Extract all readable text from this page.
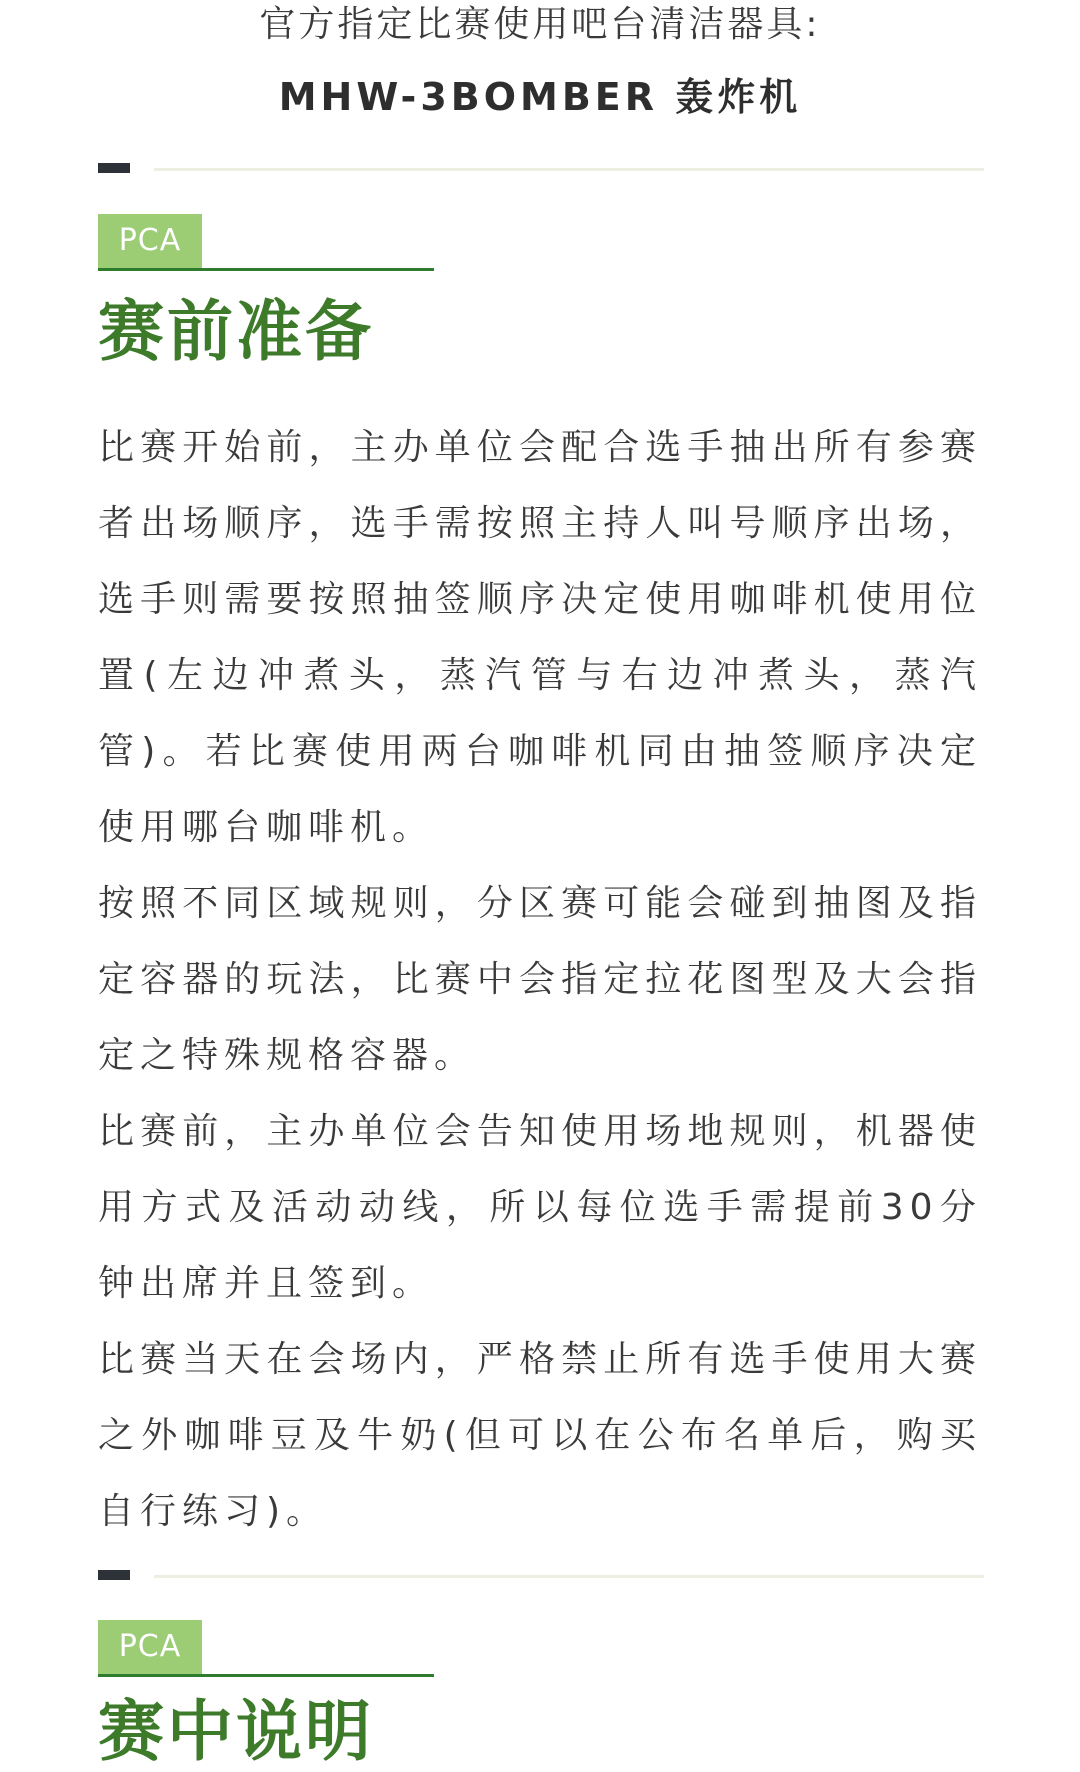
官方指定比赛使用吧台清洁器具:
MHW-3BOMBER 轰炸机
PCA
赛前准备

比赛开始前，主办单位会配合选手抽出所有参赛者出场顺序，选手需按照主持人叫号顺序出场，选手则需要按照抽签顺序决定使用咖啡机使用位置(左边冲煮头，蒸汽管与右边冲煮头，蒸汽管)。若比赛使用两台咖啡机同由抽签顺序决定使用哪台咖啡机。

按照不同区域规则，分区赛可能会碰到抽图及指定容器的玩法，比赛中会指定拉花图型及大会指定之特殊规格容器。

比赛前，主办单位会告知使用场地规则，机器使用方式及活动动线，所以每位选手需提前30分钟出席并且签到。

比赛当天在会场内，严格禁止所有选手使用大赛之外咖啡豆及牛奶(但可以在公布名单后，购买自行练习)。

PCA
赛中说明
